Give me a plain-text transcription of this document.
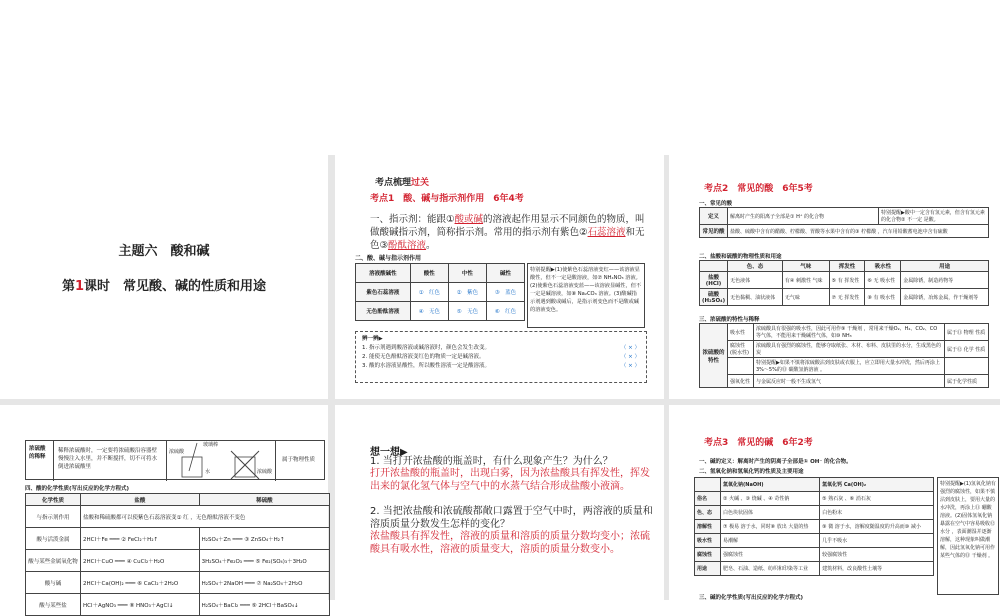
主题六　酸和碱
第1课时　常见酸、碱的性质和用途
考点梳理过关
考点1　酸、碱与指示剂作用　6年4考
一、指示剂：能跟①酸或碱的溶液起作用显示不同颜色的物质，叫做酸碱指示剂，简称指示剂。常用的指示剂有紫色②石蕊溶液和无色③酚酞溶液。
二、酸、碱与指示剂作用
溶液酸碱性	酸性	中性	碱性
紫色石蕊溶液	①　红色	②　紫色	③　蓝色
无色酚酞溶液	④　无色	⑤　无色	⑥　红色
特别提醒▶(1)使紫色石蕊溶液变红——该溶液显酸性，但不一定是酸溶液，如⑦ NH₄NO₃ 溶液。(2)使紫色石蕊溶液变蓝——该溶液显碱性，但不一定是碱溶液，如⑧ Na₂CO₃ 溶液。(3)酸碱指示剂遇到酸或碱后，是指示剂变色而不是酸或碱的溶液变色。
辨一辨▶
1. 指示剂遇到酸溶液或碱溶液时，颜色会发生改变。	（ × ）
2. 能使无色酚酞溶液变红色的物质一定是碱溶液。	（ × ）
3. 酸的水溶液显酸性，所以酸性溶液一定是酸溶液。	（ × ）
考点2　常见的酸　6年5考
一、常见的酸
定义	解离时产生的阳离子全部是① H⁺ 的化合物	特别提醒▶酸中一定含有氢元素，但含有氢元素的化合物② 不一定 是酸。
常见的酸	盐酸、硫酸中含有的醋酸、柠檬酸、胃酸等水果中含有的③ 柠檬酸 ，汽车用铅酸蓄电池中含有硫酸	
二、盐酸和硫酸的物理性质和用途
	色、态	气味	挥发性	吸水性	用途
盐酸(HCl)	无色液体	有④ 刺激性 气味	⑤ 有 挥发性	⑥ 无 吸水性	金属除锈，制造药物等
硫酸(H₂SO₄)	无色黏稠、油状液体	无气味	⑦ 无 挥发性	⑧ 有 吸水性	金属除锈，冶炼金属，作干燥剂等
三、浓硫酸的特性与稀释
浓硫酸的特性	吸水性	浓硫酸具有很强的吸水性，因此可用作⑨ 干燥剂 ，常用来干燥O₂、H₂、CO₂、CO等气体，不能用来干燥碱性气体，如⑩ NH₃	属于⑪ 物理 性质
	腐蚀性(脱水性)	浓硫酸具有强烈的腐蚀性，能够夺取纸张、木材、布料、皮肤里的水分，生成黑色的炭	属于⑫ 化学 性质
		特别提醒▶如果不慎将浓硫酸沾到皮肤或衣服上，应立即用大量水冲洗，然后再涂上3%～5%的⑬ 碳酸氢钠溶液 。	
	强氧化性	与金属反应时一般不生成氢气	属于化学性质
浓硫酸的稀释
稀释浓硫酸时，一定要将浓硫酸沿容器壁慢慢注入水里，并不断搅拌，切不可将水倒进浓硫酸里
玻璃棒
浓硫酸
水	浓硫酸
属于物理性质
四、酸的化学性质(写出反应的化学方程式)
化学性质	盐酸	稀硫酸
与指示剂作用	盐酸和稀硫酸都可以使紫色石蕊溶液变① 红 ，无色酚酞溶液不变色	
酸与活泼金属	2HCl＋Fe ═══ ② FeCl₂＋H₂↑	H₂SO₄＋Zn ═══ ③ ZnSO₄＋H₂↑
酸与某些金属氧化物	2HCl＋CuO ═══ ④ CuCl₂＋H₂O	3H₂SO₄＋Fe₂O₃ ═══ ⑤ Fe₂(SO₄)₃＋3H₂O
酸与碱	2HCl＋Ca(OH)₂ ═══ ⑥ CaCl₂＋2H₂O	H₂SO₄＋2NaOH ═══ ⑦ Na₂SO₄＋2H₂O
酸与某些盐	HCl＋AgNO₃ ═══ ⑧ HNO₃＋AgCl↓	H₂SO₄＋BaCl₂ ═══ ⑨ 2HCl＋BaSO₄↓
想一想▶
1. 当打开浓盐酸的瓶盖时，有什么现象产生？为什么？
打开浓盐酸的瓶盖时，出现白雾，因为浓盐酸具有挥发性，挥发出来的氯化氢气体与空气中的水蒸气结合形成盐酸小液滴。
2. 当把浓盐酸和浓硫酸都敞口露置于空气中时，两溶液的质量和溶质质量分数发生怎样的变化？
浓盐酸具有挥发性，溶液的质量和溶质的质量分数均变小；浓硫酸具有吸水性，溶液的质量变大，溶质的质量分数变小。
考点3　常见的碱　6年2考
一、碱的定义：解离时产生的阴离子全部是① OH⁻ 的化合物。
二、氢氧化钠和氢氧化钙的性质及主要用途
	氢氧化钠(NaOH)	氢氧化钙 Ca(OH)₂
俗名	② 火碱 、③ 烧碱 、④ 苛性钠	⑤ 熟石灰 、⑥ 消石灰
色、态	白色块状固体	白色粉末
溶解性	⑦ 极易 溶于水，同时⑧ 放出 大量的热	⑨ 微 溶于水，溶解度随温度的升高而⑩ 减小
吸水性	易潮解	几乎不吸水
腐蚀性	强腐蚀性	较强腐蚀性
用途	肥皂、石油、造纸、纺织和印染等工业	建筑材料，改良酸性土壤等
特别提醒▶(1)氢氧化钠有强烈的腐蚀性，如果不慎沾到皮肤上，要用大量的水冲洗，再涂上⑪ 硼酸 溶液。(2)固体氢氧化钠暴露在空气中容易吸收⑫ 水分 ，表面潮湿并逐渐溶解，这种现象叫做潮解，因此氢氧化钠可用作某些气体的⑬ 干燥剂 。
三、碱的化学性质(写出反应的化学方程式)
